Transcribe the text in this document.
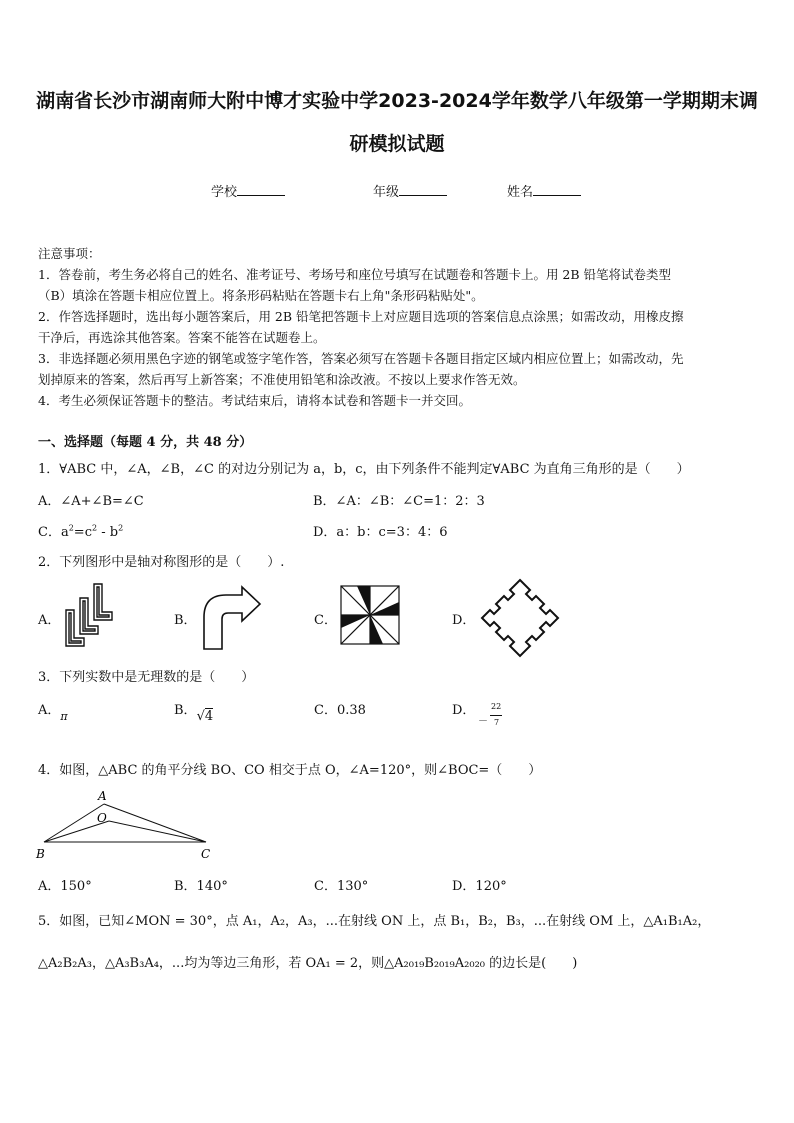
湖南省长沙市湖南师大附中博才实验中学2023-2024学年数学八年级第一学期期末调
研模拟试题
学校	年级	姓名
注意事项：
1．答卷前，考生务必将自己的姓名、准考证号、考场号和座位号填写在试题卷和答题卡上。用 2B 铅笔将试卷类型
（B）填涂在答题卡相应位置上。将条形码粘贴在答题卡右上角"条形码粘贴处"。
2．作答选择题时，选出每小题答案后，用 2B 铅笔把答题卡上对应题目选项的答案信息点涂黑；如需改动，用橡皮擦
干净后，再选涂其他答案。答案不能答在试题卷上。
3．非选择题必须用黑色字迹的钢笔或签字笔作答，答案必须写在答题卡各题目指定区域内相应位置上；如需改动，先
划掉原来的答案，然后再写上新答案；不准使用铅笔和涂改液。不按以上要求作答无效。
4．考生必须保证答题卡的整洁。考试结束后，请将本试卷和答题卡一并交回。
一、选择题（每题 4 分，共 48 分）
1．∀ABC 中，∠A，∠B，∠C 的对边分别记为 a，b，c，由下列条件不能判定∀ABC 为直角三角形的是（　　）
A．∠A+∠B=∠C	B．∠A：∠B：∠C=1：2：3
C．$a^2=c^2 - b^2$	D．a：b：c=3：4：6
2．下列图形中是轴对称图形的是（　　）.
A．	B．	C．	D．
3．下列实数中是无理数的是（　　）
A．$_\pi$	B．√4	C．0.38	D．
－
22
7
4．如图，△ABC 的角平分线 BO、CO 相交于点 O，∠A=120°，则∠BOC=（　　）
A
O
B	C
A．150°	B．140°	C．130°	D．120°
5．如图，已知∠MON = 30°，点 A₁，A₂，A₃，...在射线 ON 上，点 B₁，B₂，B₃，...在射线 OM 上，△A₁B₁A₂，
△A₂B₂A₃，△A₃B₃A₄，...均为等边三角形，若 OA₁ = 2，则△A₂₀₁₉B₂₀₁₉A₂₀₂₀ 的边长是(　　)
